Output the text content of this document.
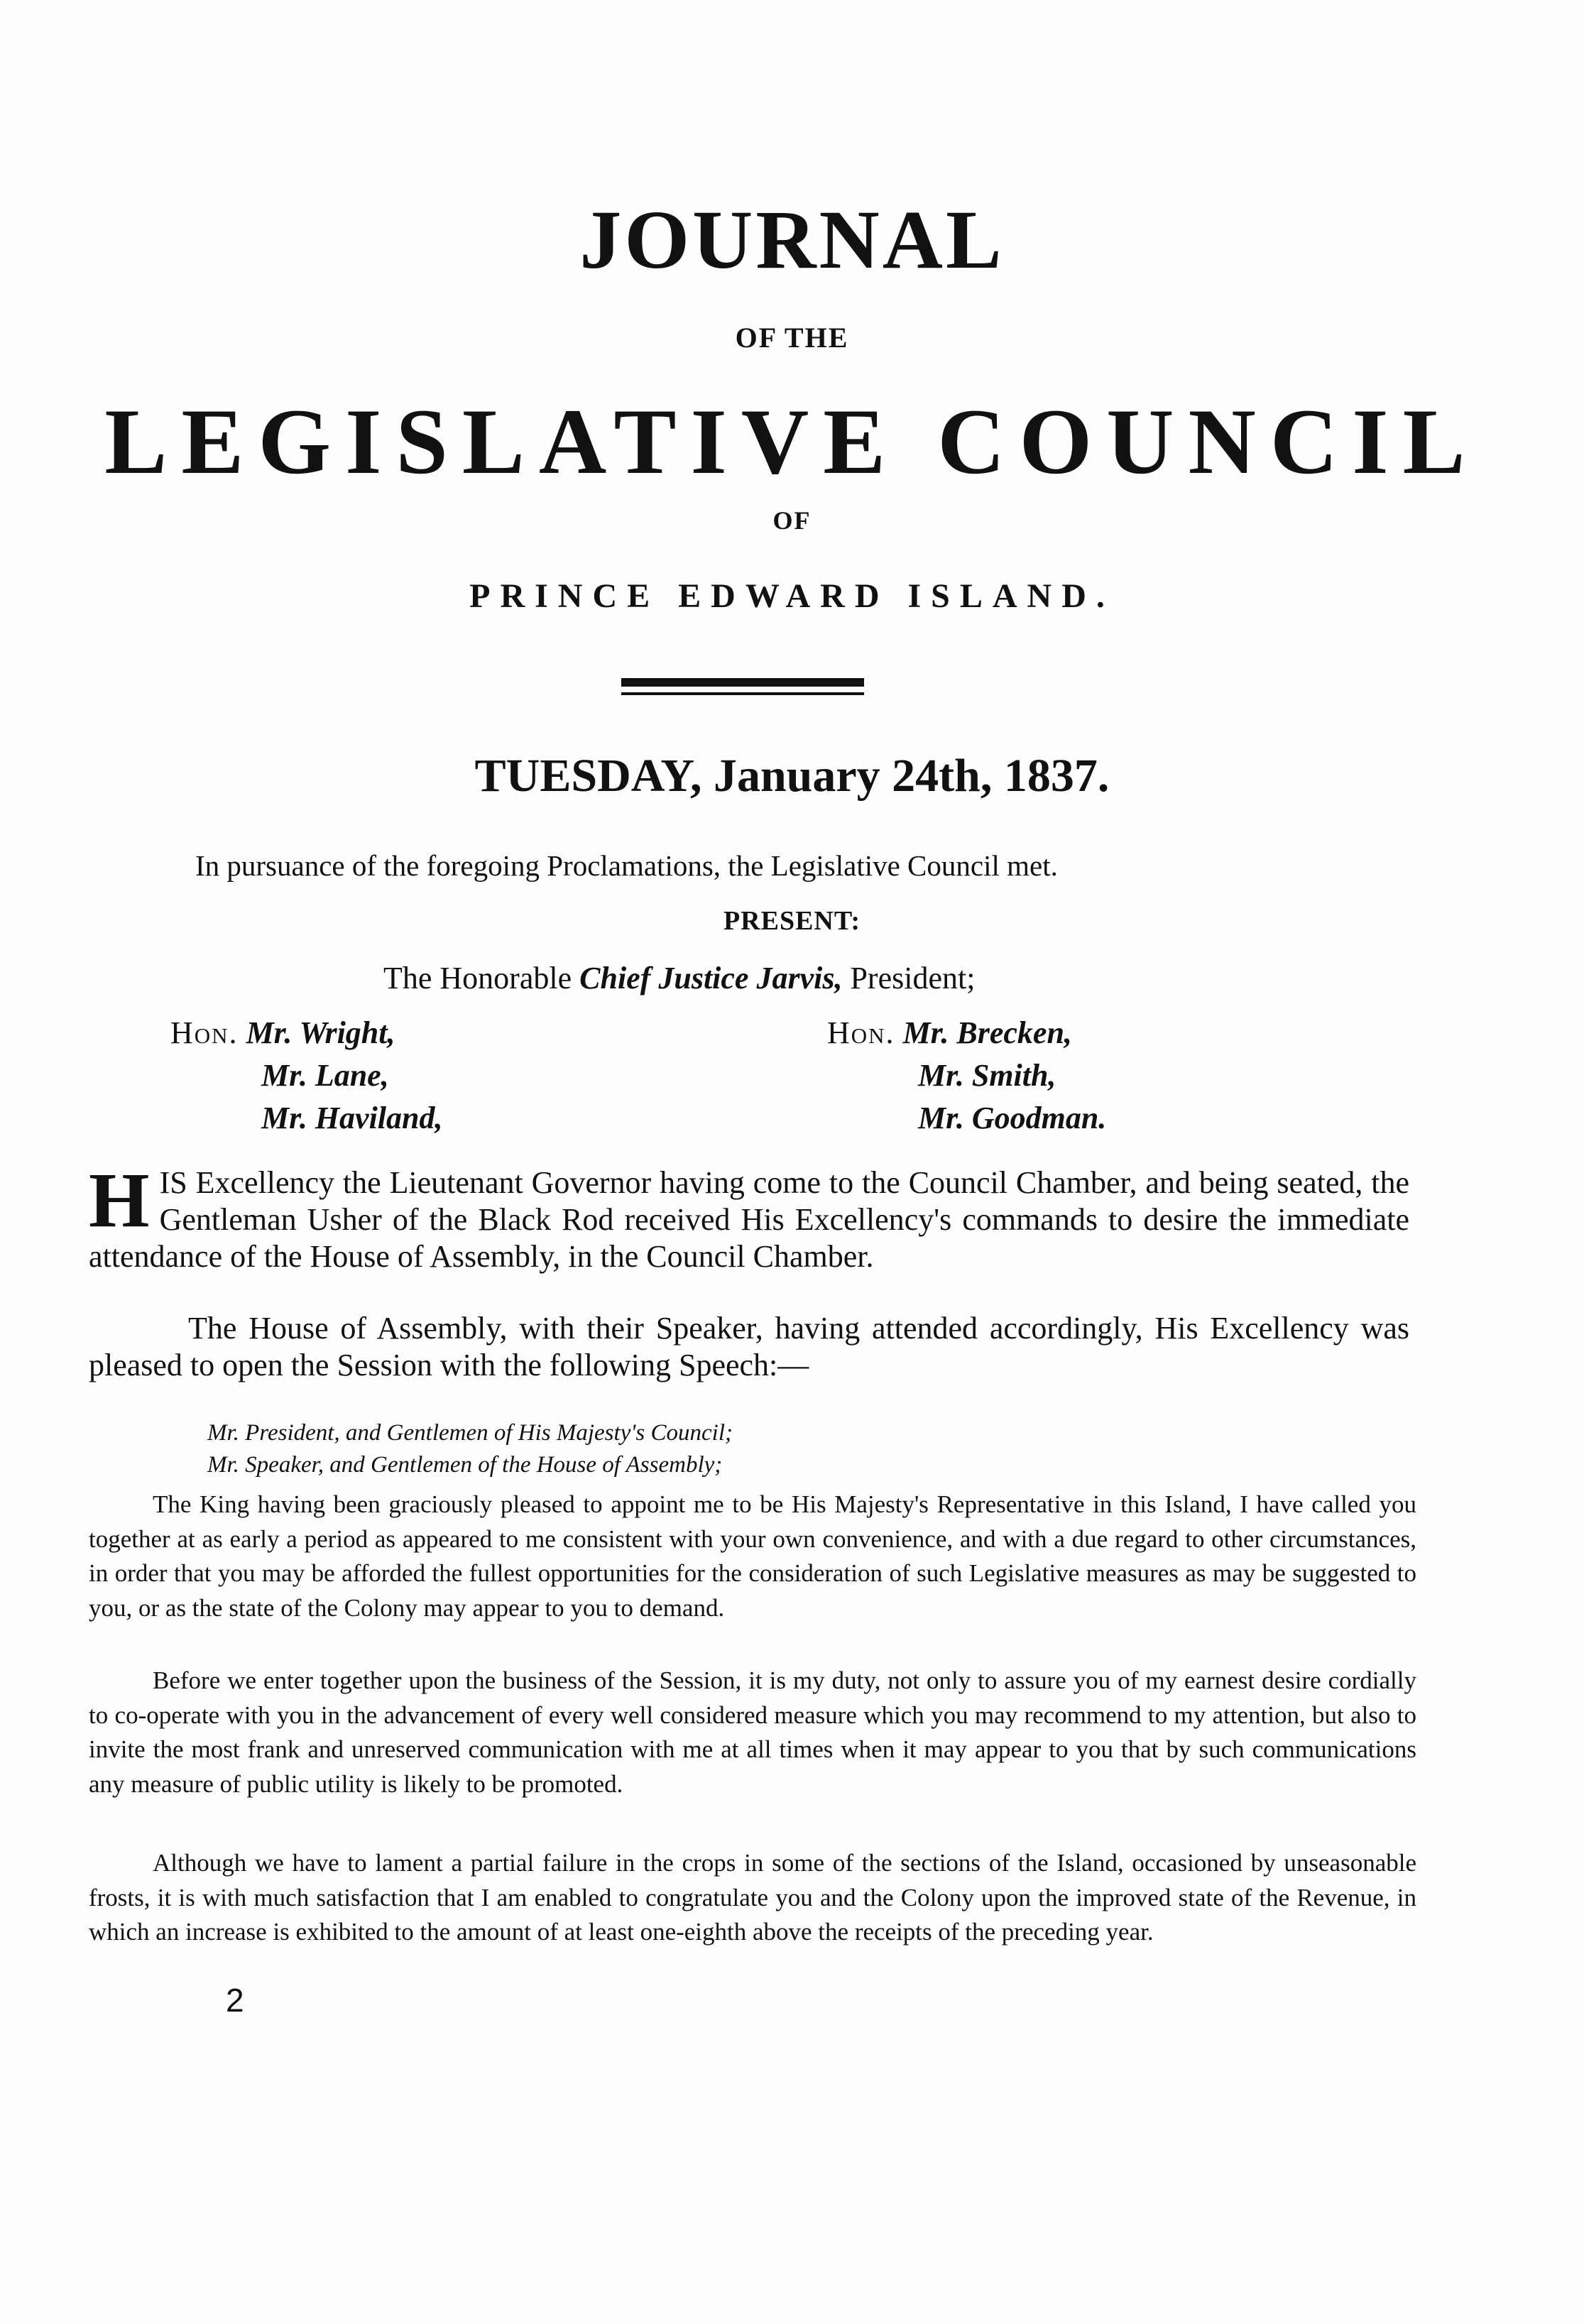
JOURNAL
OF THE
LEGISLATIVE COUNCIL
OF
PRINCE EDWARD ISLAND.
TUESDAY, January 24th, 1837.
In pursuance of the foregoing Proclamations, the Legislative Council met.
PRESENT:
The Honorable Chief Justice Jarvis, President;
Hon. Mr. Wright,
Mr. Lane,
Mr. Haviland,
Hon. Mr. Brecken,
Mr. Smith,
Mr. Goodman.
H IS Excellency the Lieutenant Governor having come to the Council Chamber, and being seated, the Gentleman Usher of the Black Rod received His Excellency's commands to desire the immediate attendance of the House of Assembly, in the Council Chamber.
The House of Assembly, with their Speaker, having attended accordingly, His Excellency was pleased to open the Session with the following Speech:—
Mr. President, and Gentlemen of His Majesty's Council;
Mr. Speaker, and Gentlemen of the House of Assembly;
The King having been graciously pleased to appoint me to be His Majesty's Representative in this Island, I have called you together at as early a period as appeared to me consistent with your own convenience, and with a due regard to other circumstances, in order that you may be afforded the fullest opportunities for the consideration of such Legislative measures as may be suggested to you, or as the state of the Colony may appear to you to demand.
Before we enter together upon the business of the Session, it is my duty, not only to assure you of my earnest desire cordially to co-operate with you in the advancement of every well considered measure which you may recommend to my attention, but also to invite the most frank and unreserved communication with me at all times when it may appear to you that by such communications any measure of public utility is likely to be promoted.
Although we have to lament a partial failure in the crops in some of the sections of the Island, occasioned by unseasonable frosts, it is with much satisfaction that I am enabled to congratulate you and the Colony upon the improved state of the Revenue, in which an increase is exhibited to the amount of at least one-eighth above the receipts of the preceding year.
2
